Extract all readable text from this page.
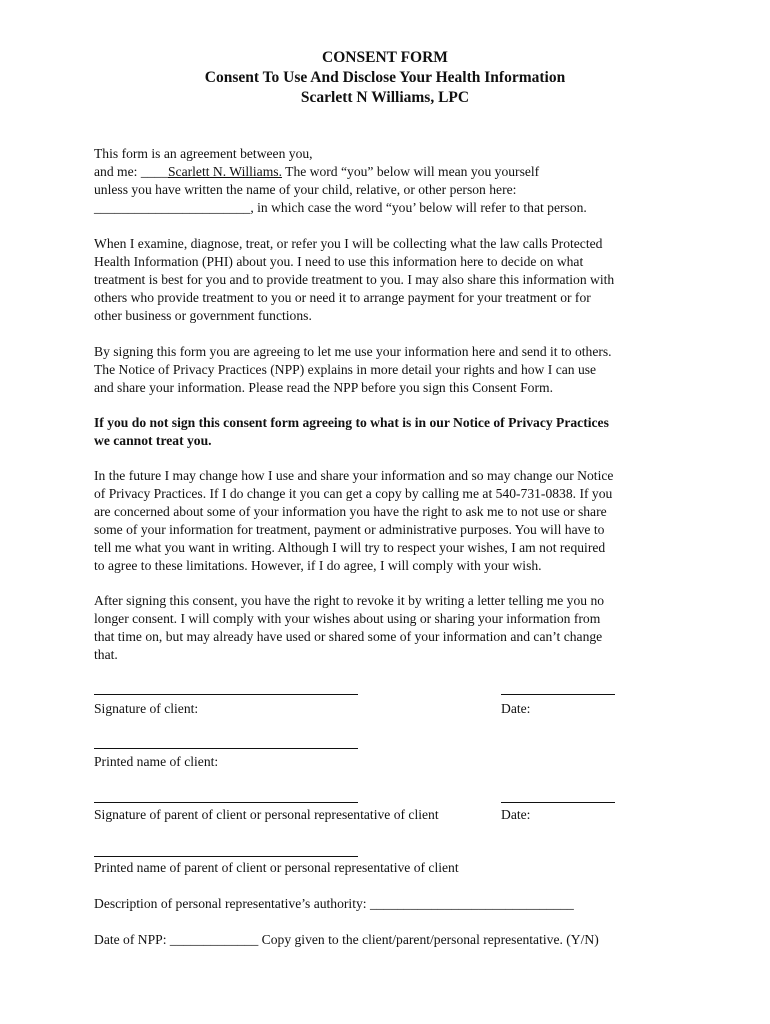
CONSENT FORM
Consent To Use And Disclose Your Health Information
Scarlett N Williams, LPC
This form is an agreement between you,
and me: ____Scarlett N. Williams. The word “you” below will mean you yourself
unless you have written the name of your child, relative, or other person here:
_______________________, in which case the word “you’ below will refer to that person.
When I examine, diagnose, treat, or refer you I will be collecting what the law calls Protected
Health Information (PHI) about you. I need to use this information here to decide on what
treatment is best for you and to provide treatment to you. I may also share this information with
others who provide treatment to you or need it to arrange payment for your treatment or for
other business or government functions.
By signing this form you are agreeing to let me use your information here and send it to others.
The Notice of Privacy Practices (NPP) explains in more detail your rights and how I can use
and share your information. Please read the NPP before you sign this Consent Form.
If you do not sign this consent form agreeing to what is in our Notice of Privacy Practices
we cannot treat you.
In the future I may change how I use and share your information and so may change our Notice
of Privacy Practices. If I do change it you can get a copy by calling me at 540-731-0838. If you
are concerned about some of your information you have the right to ask me to not use or share
some of your information for treatment, payment or administrative purposes. You will have to
tell me what you want in writing. Although I will try to respect your wishes, I am not required
to agree to these limitations. However, if I do agree, I will comply with your wish.
After signing this consent, you have the right to revoke it by writing a letter telling me you no
longer consent. I will comply with your wishes about using or sharing your information from
that time on, but may already have used or shared some of your information and can’t change
that.
Signature of client:	Date:
Printed name of client:
Signature of parent of client or personal representative of client	Date:
Printed name of parent of client or personal representative of client
Description of personal representative’s authority: ______________________________
Date of NPP: _____________ Copy given to the client/parent/personal representative. (Y/N)
